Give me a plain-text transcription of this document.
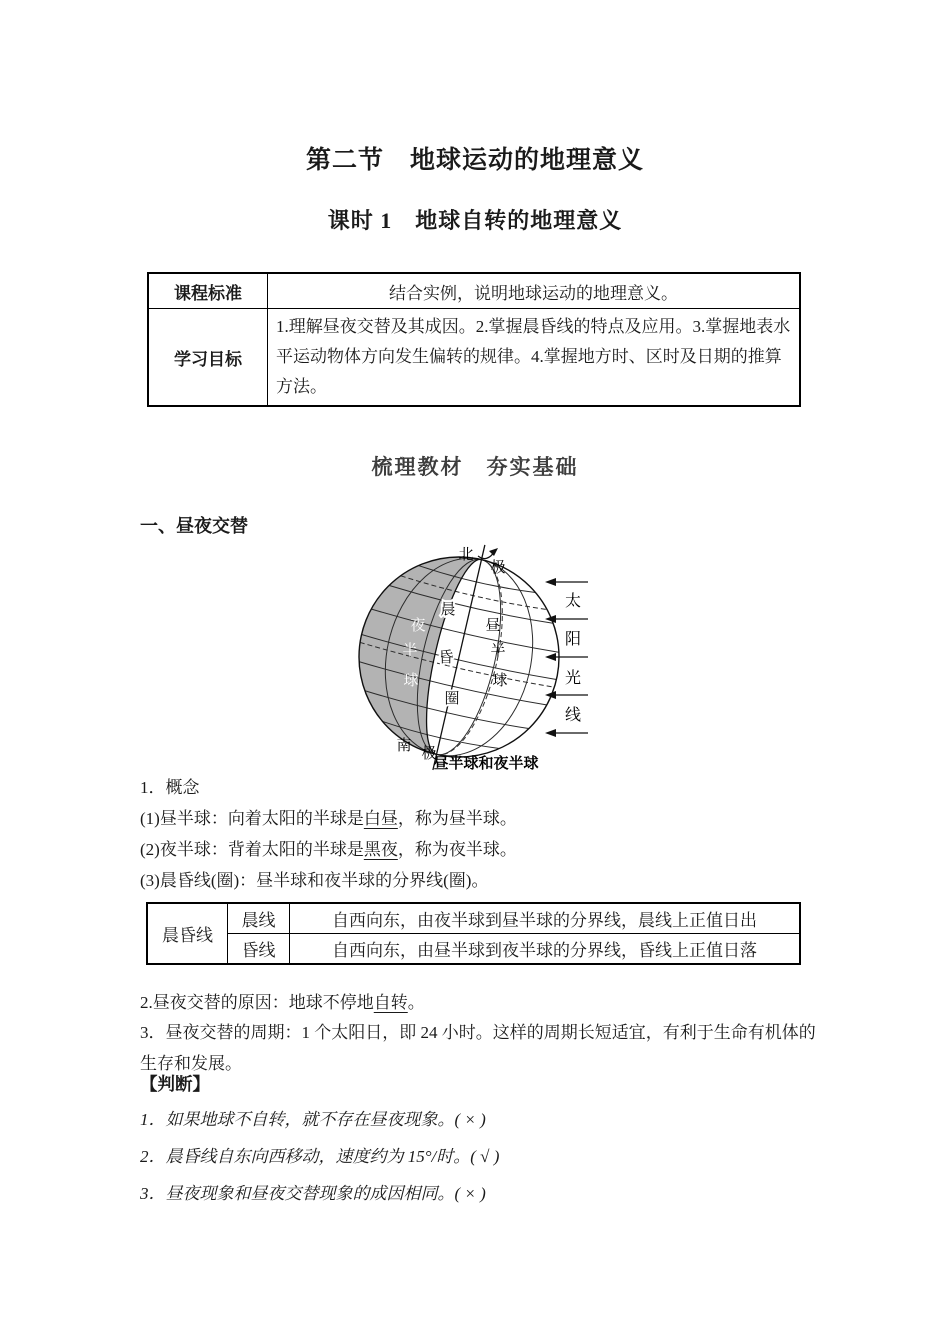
第二节　地球运动的地理意义
课时 1　地球自转的地理意义
课程标准	结合实例，说明地球运动的地理意义。
学习目标	1.理解昼夜交替及其成因。2.掌握晨昏线的特点及应用。3.掌握地表水平运动物体方向发生偏转的规律。4.掌握地方时、区时及日期的推算方法。
梳理教材　夯实基础
一、昼夜交替
北
极
南 极
夜
半
球
昼
半
球
晨
昏
圈
太
阳
光
线
昼半球和夜半球
1．概念
(1)昼半球：向着太阳的半球是白昼，称为昼半球。
(2)夜半球：背着太阳的半球是黑夜，称为夜半球。
(3)晨昏线(圈)：昼半球和夜半球的分界线(圈)。
晨昏线	晨线	自西向东，由夜半球到昼半球的分界线，晨线上正值日出
	昏线	自西向东，由昼半球到夜半球的分界线，昏线上正值日落
2.昼夜交替的原因：地球不停地自转。
3．昼夜交替的周期：1 个太阳日，即 24 小时。这样的周期长短适宜，有利于生命有机体的生存和发展。
【判断】
1．如果地球不自转，就不存在昼夜现象。( × )
2．晨昏线自东向西移动，速度约为 15°/时。( √ )
3．昼夜现象和昼夜交替现象的成因相同。( × )
